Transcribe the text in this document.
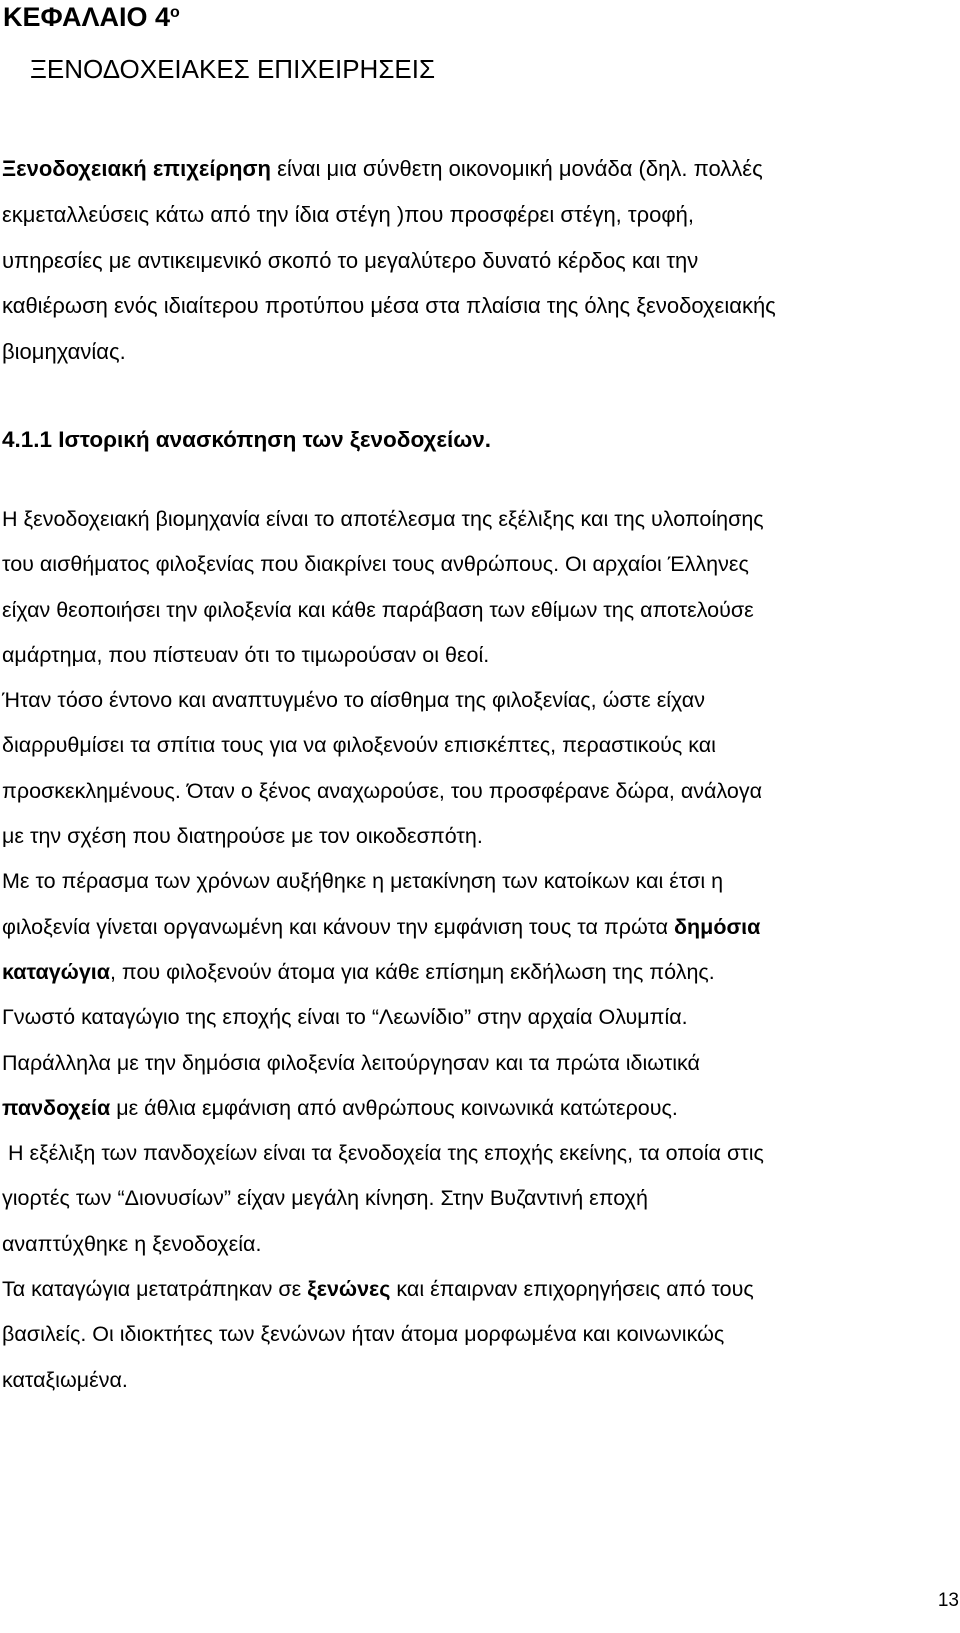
ΚΕΦΑΛΑΙΟ $4^o$
ΞΕΝΟΔΟΧΕΙΑΚΕΣ ΕΠΙΧΕΙΡΗΣΕΙΣ
Ξενοδοχειακή επιχείρηση είναι μια σύνθετη οικονομική μονάδα (δηλ. πολλές
εκμεταλλεύσεις κάτω από την ίδια στέγη )που προσφέρει στέγη, τροφή,
υπηρεσίες με αντικειμενικό σκοπό το μεγαλύτερο δυνατό κέρδος και την
καθιέρωση ενός ιδιαίτερου προτύπου μέσα στα πλαίσια της όλης ξενοδοχειακής
βιομηχανίας.
4.1.1 Ιστορική ανασκόπηση των ξενοδοχείων.
Η ξενοδοχειακή βιομηχανία είναι το αποτέλεσμα της εξέλιξης και της υλοποίησης
του αισθήματος φιλοξενίας που διακρίνει τους ανθρώπους. Οι αρχαίοι Έλληνες
είχαν θεοποιήσει την φιλοξενία και κάθε παράβαση των εθίμων της αποτελούσε
αμάρτημα, που πίστευαν ότι το τιμωρούσαν οι θεοί.
Ήταν τόσο έντονο και αναπτυγμένο το αίσθημα της φιλοξενίας, ώστε είχαν
διαρρυθμίσει τα σπίτια τους για να φιλοξενούν επισκέπτες, περαστικούς και
προσκεκλημένους. Όταν ο ξένος αναχωρούσε, του προσφέρανε δώρα, ανάλογα
με την σχέση που διατηρούσε με τον οικοδεσπότη.
Με το πέρασμα των χρόνων αυξήθηκε η μετακίνηση των κατοίκων και έτσι η
φιλοξενία γίνεται οργανωμένη και κάνουν την εμφάνιση τους τα πρώτα δημόσια
καταγώγια, που φιλοξενούν άτομα για κάθε επίσημη εκδήλωση της πόλης.
Γνωστό καταγώγιο της εποχής είναι το “Λεωνίδιο” στην αρχαία Ολυμπία.
Παράλληλα με την δημόσια φιλοξενία λειτούργησαν και τα πρώτα ιδιωτικά
πανδοχεία με άθλια εμφάνιση από ανθρώπους κοινωνικά κατώτερους.
Η εξέλιξη των πανδοχείων είναι τα ξενοδοχεία της εποχής εκείνης, τα οποία στις
γιορτές των “Διονυσίων” είχαν μεγάλη κίνηση. Στην Βυζαντινή εποχή
αναπτύχθηκε η ξενοδοχεία.
Τα καταγώγια μετατράπηκαν σε ξενώνες και έπαιρναν επιχορηγήσεις από τους
βασιλείς. Οι ιδιοκτήτες των ξενώνων ήταν άτομα μορφωμένα και κοινωνικώς
καταξιωμένα.
13
